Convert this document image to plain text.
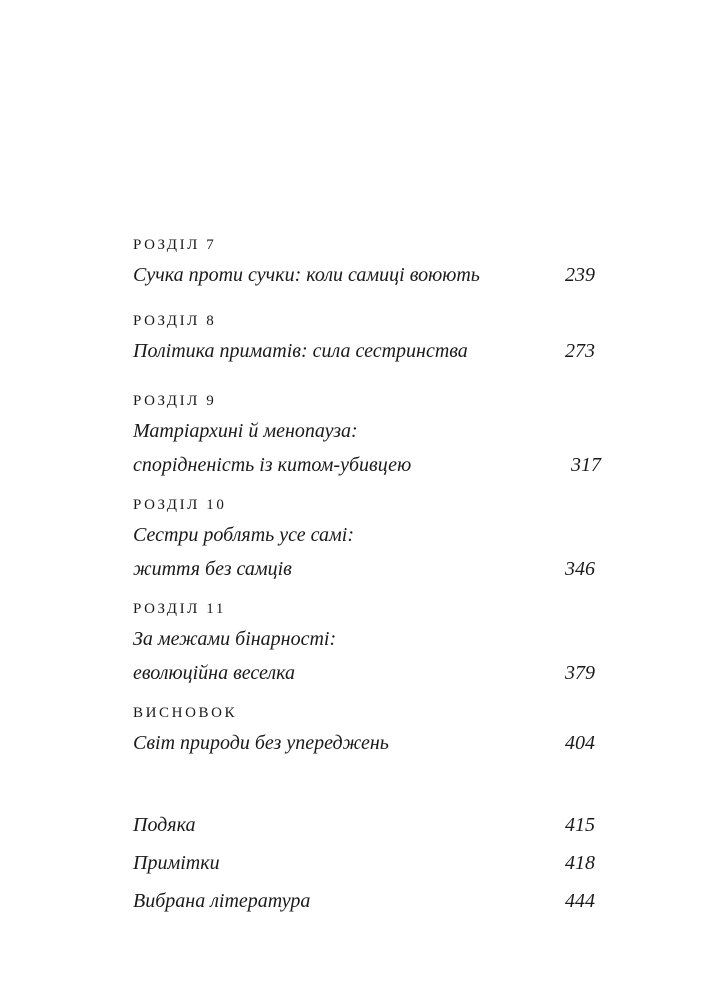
РОЗДІЛ 7
Сучка проти сучки: коли самиці воюють	239
РОЗДІЛ 8
Політика приматів: сила сестринства	273
РОЗДІЛ 9
Матріархині й менопауза:
спорідненість із китом-убивцею	317
РОЗДІЛ 10
Сестри роблять усе самі:
життя без самців	346
РОЗДІЛ 11
За межами бінарності:
еволюційна веселка	379
ВИСНОВОК
Світ природи без упереджень	404
Подяка	415
Примітки	418
Вибрана література	444
